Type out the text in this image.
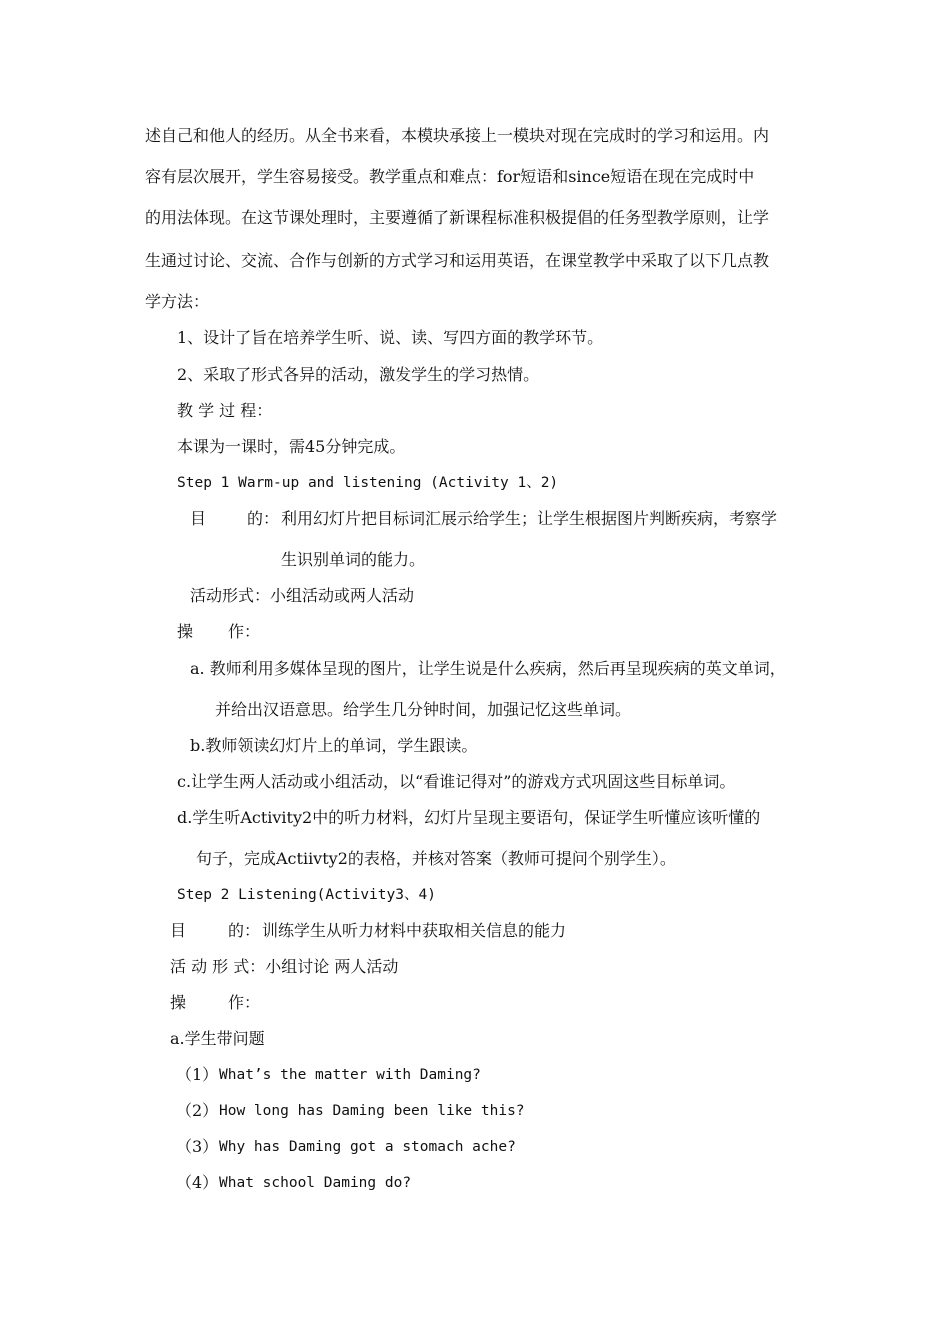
述自己和他人的经历。从全书来看，本模块承接上一模块对现在完成时的学习和运用。内
容有层次展开，学生容易接受。教学重点和难点：for短语和since短语在现在完成时中
的用法体现。在这节课处理时，主要遵循了新课程标准积极提倡的任务型教学原则，让学
生通过讨论、交流、合作与创新的方式学习和运用英语，在课堂教学中采取了以下几点教
学方法：
1、设计了旨在培养学生听、说、读、写四方面的教学环节。
2、采取了形式各异的活动，激发学生的学习热情。
教 学 过 程：
本课为一课时，需45分钟完成。
Step 1 Warm-up and listening (Activity 1、2)
目	的： 利用幻灯片把目标词汇展示给学生；让学生根据图片判断疾病，考察学
生识别单词的能力。
活动形式：小组活动或两人活动
操 作：
a. 教师利用多媒体呈现的图片，让学生说是什么疾病，然后再呈现疾病的英文单词，
并给出汉语意思。给学生几分钟时间，加强记忆这些单词。
b.教师领读幻灯片上的单词，学生跟读。
c.让学生两人活动或小组活动，以“看谁记得对”的游戏方式巩固这些目标单词。
d.学生听Activity2中的听力材料，幻灯片呈现主要语句，保证学生听懂应该听懂的
句子，完成Actiivty2的表格，并核对答案（教师可提问个别学生）。
Step 2 Listening(Activity3、4)
目	的： 训练学生从听力材料中获取相关信息的能力
活 动 形 式：小组讨论 两人活动
操	作：
a.学生带问题
（1） What’s the matter with Daming?
（2） How long has Daming been like this?
（3） Why has Daming got a stomach ache?
（4） What school Daming do?
